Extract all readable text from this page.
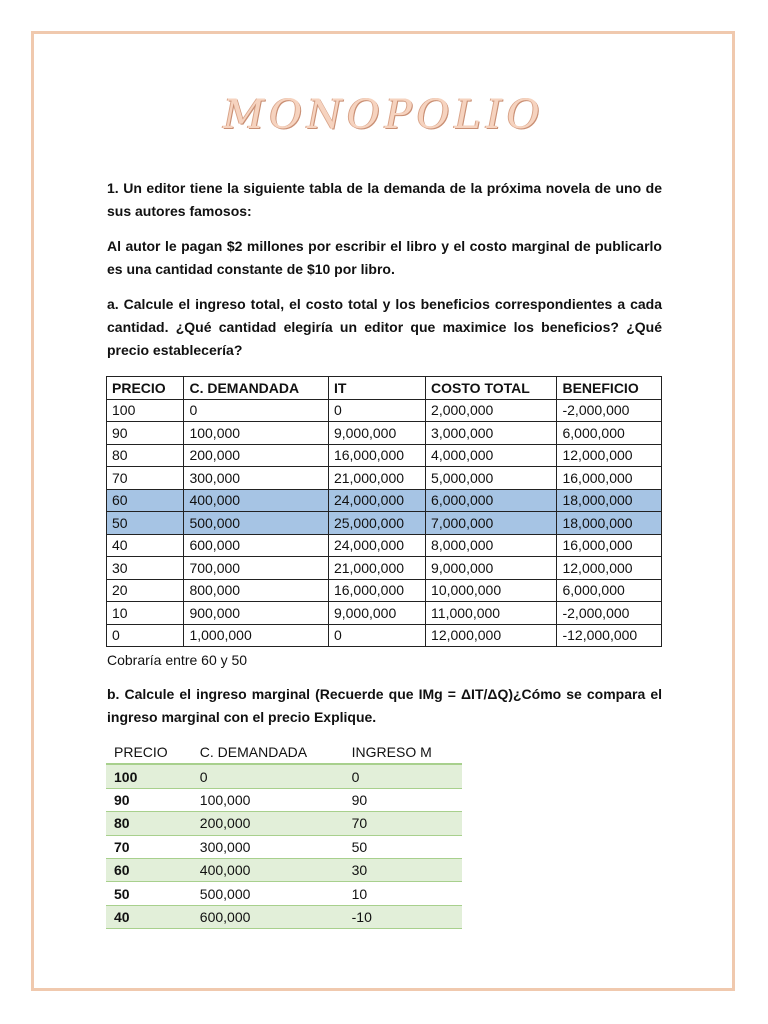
MONOPOLIO

1. Un editor tiene la siguiente tabla de la demanda de la próxima novela de uno de sus autores famosos:

Al autor le pagan $2 millones por escribir el libro y el costo marginal de publicarlo es una cantidad constante de $10 por libro.

a. Calcule el ingreso total, el costo total y los beneficios correspondientes a cada cantidad. ¿Qué cantidad elegiría un editor que maximice los beneficios? ¿Qué precio establecería?

PRECIO	C. DEMANDADA	IT	COSTO TOTAL	BENEFICIO
100	0	0	2,000,000	-2,000,000
90	100,000	9,000,000	3,000,000	6,000,000
80	200,000	16,000,000	4,000,000	12,000,000
70	300,000	21,000,000	5,000,000	16,000,000
60	400,000	24,000,000	6,000,000	18,000,000
50	500,000	25,000,000	7,000,000	18,000,000
40	600,000	24,000,000	8,000,000	16,000,000
30	700,000	21,000,000	9,000,000	12,000,000
20	800,000	16,000,000	10,000,000	6,000,000
10	900,000	9,000,000	11,000,000	-2,000,000
0	1,000,000	0	12,000,000	-12,000,000
Cobraría entre 60 y 50

b. Calcule el ingreso marginal (Recuerde que IMg = ΔIT/ΔQ)¿Cómo se compara el ingreso marginal con el precio Explique.

PRECIO	C. DEMANDADA	INGRESO M
100	0	0
90	100,000	90
80	200,000	70
70	300,000	50
60	400,000	30
50	500,000	10
40	600,000	-10
